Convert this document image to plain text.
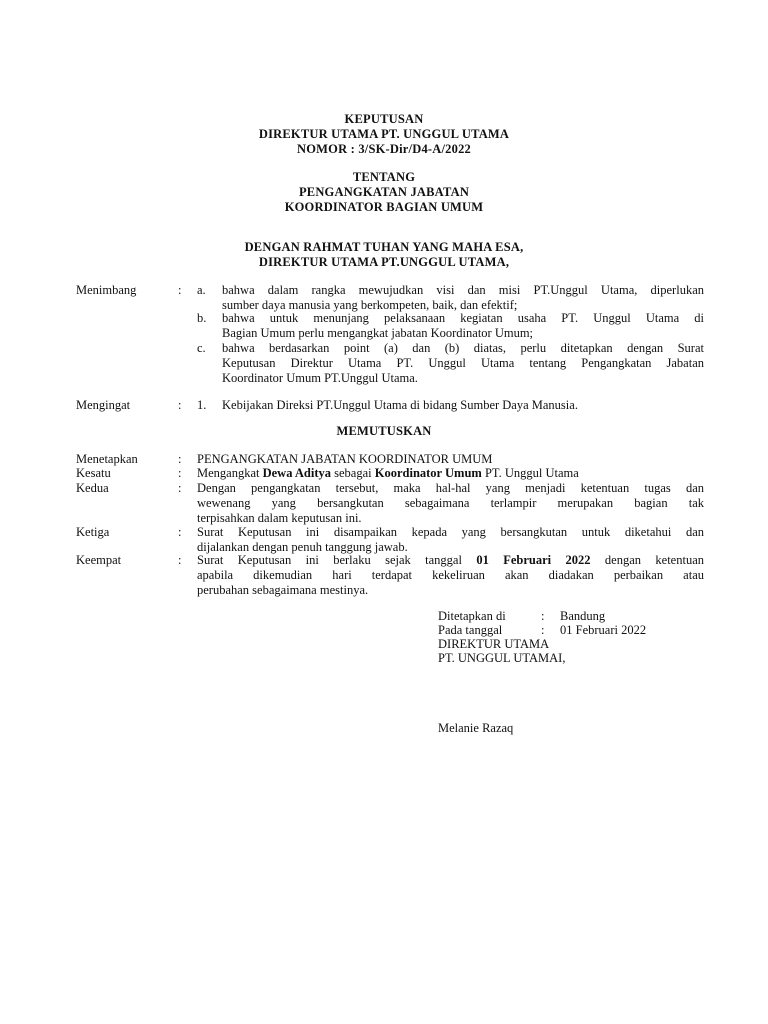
KEPUTUSAN
DIREKTUR UTAMA PT. UNGGUL UTAMA
NOMOR : 3/SK-Dir/D4-A/2022
TENTANG
PENGANGKATAN JABATAN
KOORDINATOR BAGIAN UMUM
DENGAN RAHMAT TUHAN YANG MAHA ESA,
DIREKTUR UTAMA PT.UNGGUL UTAMA,
Menimbang	: a. bahwa dalam rangka mewujudkan visi dan misi PT.Unggul Utama, diperlukan
sumber daya manusia yang berkompeten, baik, dan efektif;
b. bahwa untuk menunjang pelaksanaan kegiatan usaha PT. Unggul Utama di
Bagian Umum perlu mengangkat jabatan Koordinator Umum;
c. bahwa berdasarkan point (a) dan (b) diatas, perlu ditetapkan dengan Surat
Keputusan Direktur Utama PT. Unggul Utama tentang Pengangkatan Jabatan
Koordinator Umum PT.Unggul Utama.
Mengingat	: 1. Kebijakan Direksi PT.Unggul Utama di bidang Sumber Daya Manusia.
MEMUTUSKAN
Menetapkan	: PENGANGKATAN JABATAN KOORDINATOR UMUM
Kesatu	: Mengangkat Dewa Aditya sebagai Koordinator Umum PT. Unggul Utama
Kedua	: Dengan pengangkatan tersebut, maka hal-hal yang menjadi ketentuan tugas dan
wewenang yang bersangkutan sebagaimana terlampir merupakan bagian tak
terpisahkan dalam keputusan ini.
Ketiga	: Surat Keputusan ini disampaikan kepada yang bersangkutan untuk diketahui dan
dijalankan dengan penuh tanggung jawab.
Keempat	: Surat Keputusan ini berlaku sejak tanggal 01 Februari 2022 dengan ketentuan
apabila dikemudian hari terdapat kekeliruan akan diadakan perbaikan atau
perubahan sebagaimana mestinya.
Ditetapkan di	: Bandung
Pada tanggal	: 01 Februari 2022
DIREKTUR UTAMA
PT. UNGGUL UTAMAI,
Melanie Razaq
